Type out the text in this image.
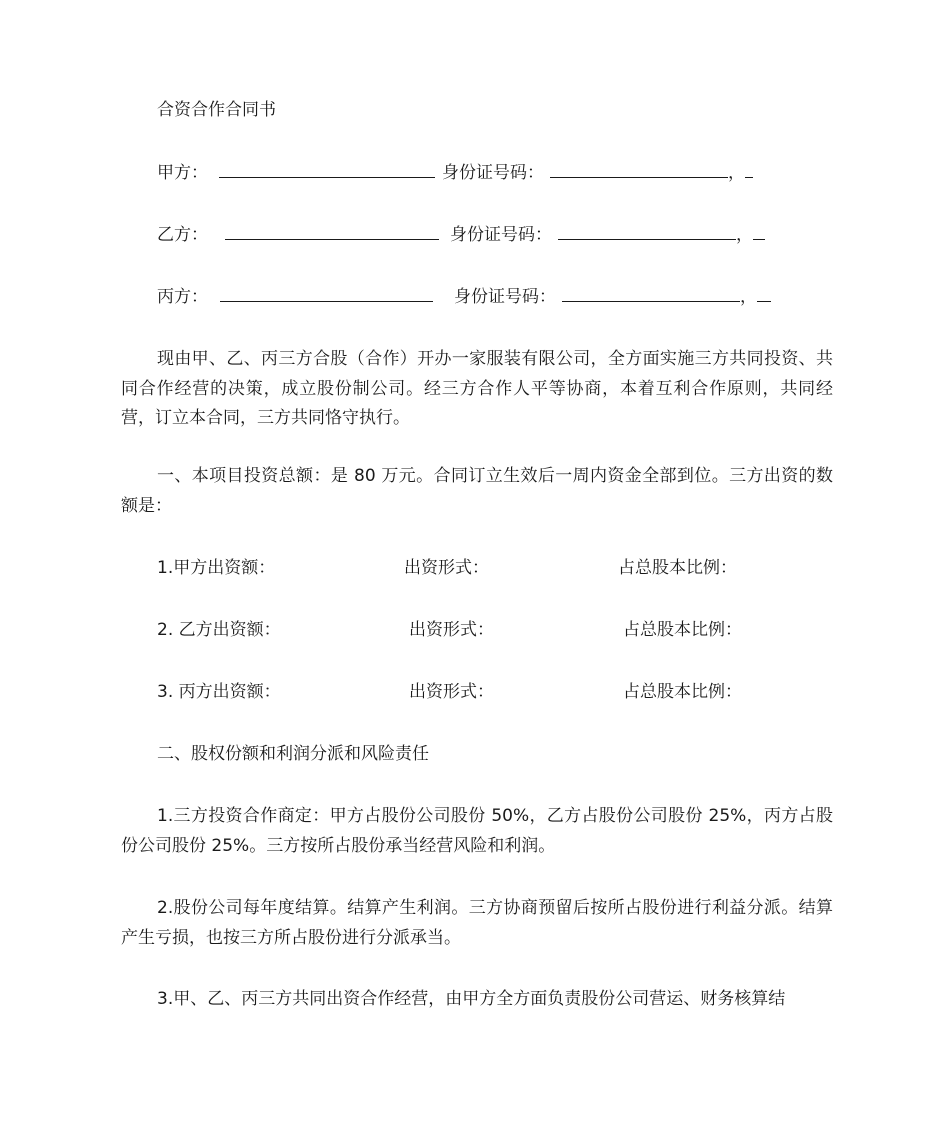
合资合作合同书
甲方：	身份证号码：	，
乙方：	身份证号码：	，
丙方：	身份证号码：	，
现由甲、乙、丙三方合股（合作）开办一家服装有限公司，全方面实施三方共同投资、共同合作经营的决策，成立股份制公司。经三方合作人平等协商，本着互利合作原则，共同经营，订立本合同，三方共同恪守执行。
一、本项目投资总额：是 80 万元。合同订立生效后一周内资金全部到位。三方出资的数额是：
1.甲方出资额：	出资形式：	占总股本比例：
2. 乙方出资额：	出资形式：	占总股本比例：
3. 丙方出资额：	出资形式：	占总股本比例：
二、股权份额和利润分派和风险责任
1.三方投资合作商定：甲方占股份公司股份 50%，乙方占股份公司股份 25%，丙方占股份公司股份 25%。三方按所占股份承当经营风险和利润。
2.股份公司每年度结算。结算产生利润。三方协商预留后按所占股份进行利益分派。结算产生亏损，也按三方所占股份进行分派承当。
3.甲、乙、丙三方共同出资合作经营，由甲方全方面负责股份公司营运、财务核算结
